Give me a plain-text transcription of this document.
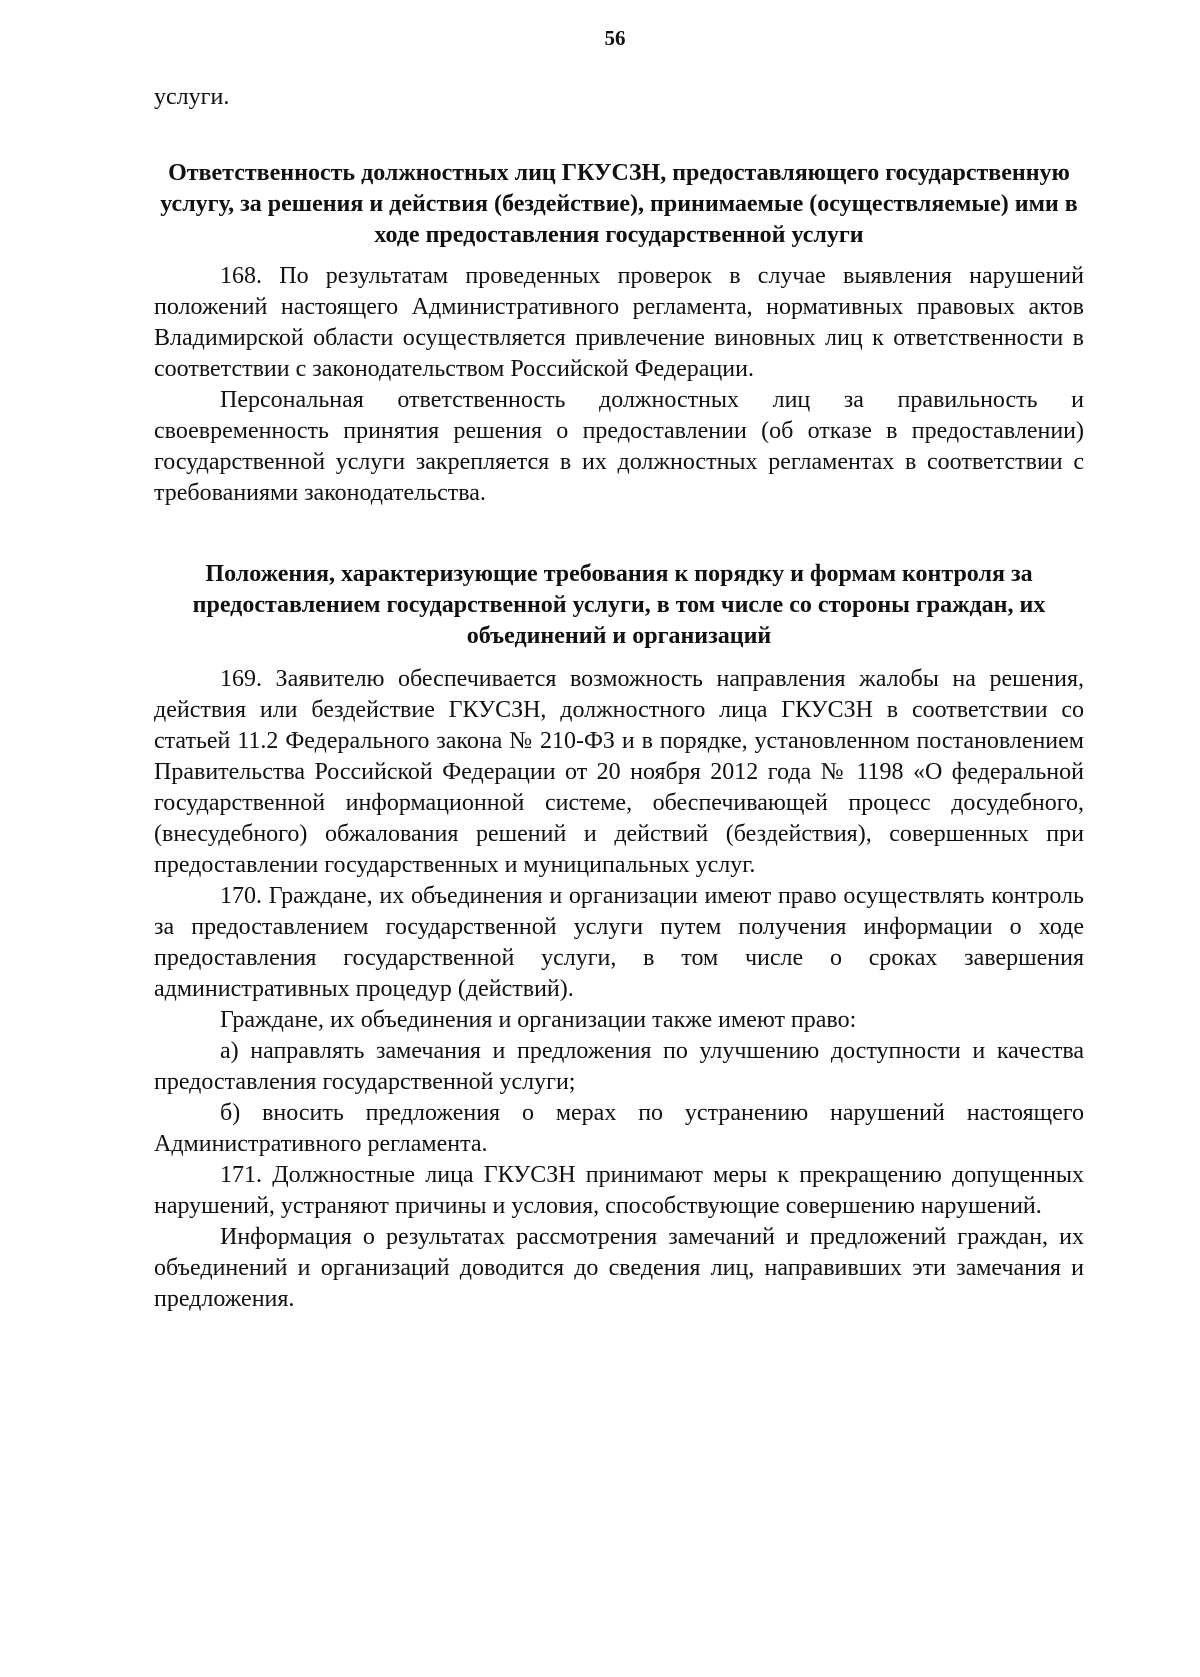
56

услуги.

Ответственность должностных лиц ГКУСЗН, предоставляющего государственную услугу, за решения и действия (бездействие), принимаемые (осуществляемые) ими в ходе предоставления государственной услуги

168. По результатам проведенных проверок в случае выявления нарушений положений настоящего Административного регламента, нормативных правовых актов Владимирской области осуществляется привлечение виновных лиц к ответственности в соответствии с законодательством Российской Федерации.

Персональная ответственность должностных лиц за правильность и своевременность принятия решения о предоставлении (об отказе в предоставлении) государственной услуги закрепляется в их должностных регламентах в соответствии с требованиями законодательства.

Положения, характеризующие требования к порядку и формам контроля за предоставлением государственной услуги, в том числе со стороны граждан, их объединений и организаций

169. Заявителю обеспечивается возможность направления жалобы на решения, действия или бездействие ГКУСЗН, должностного лица ГКУСЗН в соответствии со статьей 11.2 Федерального закона № 210-ФЗ и в порядке, установленном постановлением Правительства Российской Федерации от 20 ноября 2012 года № 1198 «О федеральной государственной информационной системе, обеспечивающей процесс досудебного, (внесудебного) обжалования решений и действий (бездействия), совершенных при предоставлении государственных и муниципальных услуг.

170. Граждане, их объединения и организации имеют право осуществлять контроль за предоставлением государственной услуги путем получения информации о ходе предоставления государственной услуги, в том числе о сроках завершения административных процедур (действий).

Граждане, их объединения и организации также имеют право:

а) направлять замечания и предложения по улучшению доступности и качества предоставления государственной услуги;

б) вносить предложения о мерах по устранению нарушений настоящего Административного регламента.

171. Должностные лица ГКУСЗН принимают меры к прекращению допущенных нарушений, устраняют причины и условия, способствующие совершению нарушений.

Информация о результатах рассмотрения замечаний и предложений граждан, их объединений и организаций доводится до сведения лиц, направивших эти замечания и предложения.
